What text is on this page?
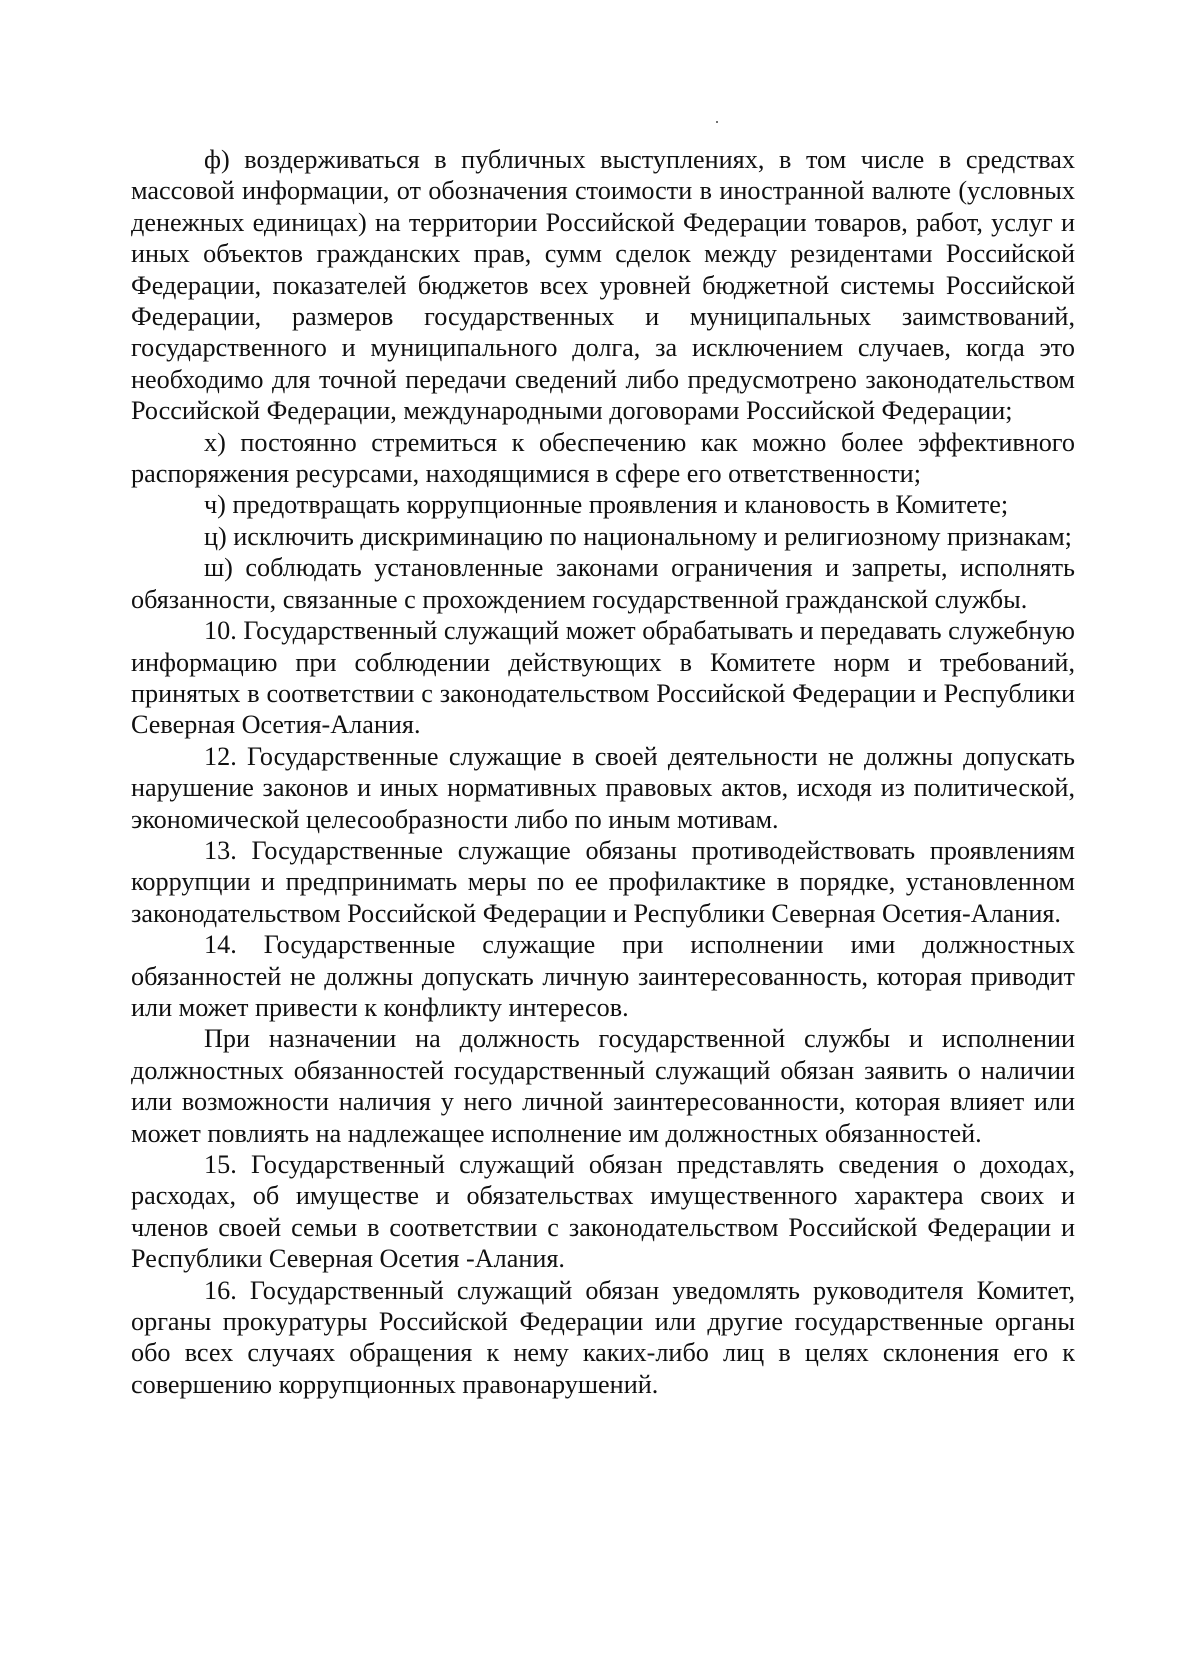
ф) воздерживаться в публичных выступлениях, в том числе в средствах массовой информации, от обозначения стоимости в иностранной валюте (условных денежных единицах) на территории Российской Федерации товаров, работ, услуг и иных объектов гражданских прав, сумм сделок между резидентами Российской Федерации, показателей бюджетов всех уровней бюджетной системы Российской Федерации, размеров государственных и муниципальных заимствований, государственного и муниципального долга, за исключением случаев, когда это необходимо для точной передачи сведений либо предусмотрено законодательством Российской Федерации, международными договорами Российской Федерации;

х) постоянно стремиться к обеспечению как можно более эффективного распоряжения ресурсами, находящимися в сфере его ответственности;

ч) предотвращать коррупционные проявления и клановость в Комитете;

ц) исключить дискриминацию по национальному и религиозному признакам;

ш) соблюдать установленные законами ограничения и запреты, исполнять обязанности, связанные с прохождением государственной гражданской службы.

10. Государственный служащий может обрабатывать и передавать служебную информацию при соблюдении действующих в Комитете норм и требований, принятых в соответствии с законодательством Российской Федерации и Республики Северная Осетия-Алания.

12. Государственные служащие в своей деятельности не должны допускать нарушение законов и иных нормативных правовых актов, исходя из политической, экономической целесообразности либо по иным мотивам.

13. Государственные служащие обязаны противодействовать проявлениям коррупции и предпринимать меры по ее профилактике в порядке, установленном законодательством Российской Федерации и Республики Северная Осетия-Алания.

14. Государственные служащие при исполнении ими должностных обязанностей не должны допускать личную заинтересованность, которая приводит или может привести к конфликту интересов.

При назначении на должность государственной службы и исполнении должностных обязанностей государственный служащий обязан заявить о наличии или возможности наличия у него личной заинтересованности, которая влияет или может повлиять на надлежащее исполнение им должностных обязанностей.

15. Государственный служащий обязан представлять сведения о доходах, расходах, об имуществе и обязательствах имущественного характера своих и членов своей семьи в соответствии с законодательством Российской Федерации и Республики Северная Осетия -Алания.

16. Государственный служащий обязан уведомлять руководителя Комитет, органы прокуратуры Российской Федерации или другие государственные органы обо всех случаях обращения к нему каких-либо лиц в целях склонения его к совершению коррупционных правонарушений.
